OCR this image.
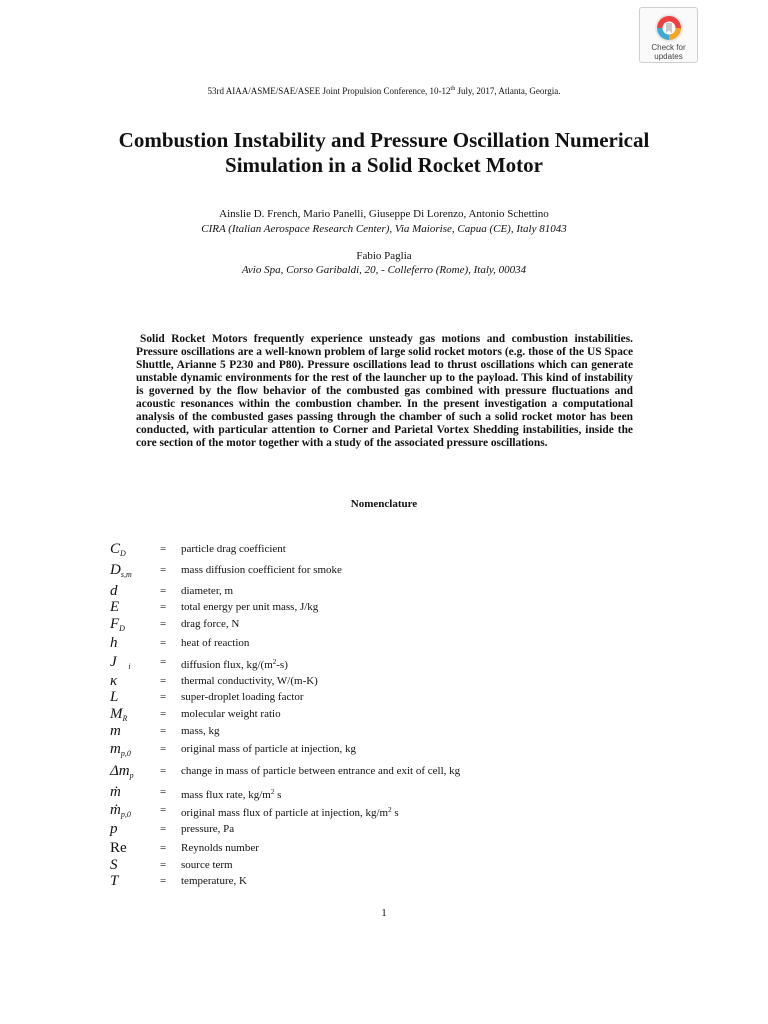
Check for
updates
53rd AIAA/ASME/SAE/ASEE Joint Propulsion Conference, 10-12th July, 2017, Atlanta, Georgia.
Combustion Instability and Pressure Oscillation Numerical
Simulation in a Solid Rocket Motor
Ainslie D. French, Mario Panelli, Giuseppe Di Lorenzo, Antonio Schettino
CIRA (Italian Aerospace Research Center), Via Maiorise, Capua (CE), Italy 81043
Fabio Paglia
Avio Spa, Corso Garibaldi, 20, - Colleferro (Rome), Italy, 00034
Solid Rocket Motors frequently experience unsteady gas motions and combustion instabilities. Pressure oscillations are a well-known problem of large solid rocket motors (e.g. those of the US Space Shuttle, Arianne 5 P230 and P80). Pressure oscillations lead to thrust oscillations which can generate unstable dynamic environments for the rest of the launcher up to the payload. This kind of instability is governed by the flow behavior of the combusted gas combined with pressure fluctuations and acoustic resonances within the combustion chamber. In the present investigation a computational analysis of the combusted gases passing through the chamber of such a solid rocket motor has been conducted, with particular attention to Corner and Parietal Vortex Shedding instabilities, inside the core section of the motor together with a study of the associated pressure oscillations.
Nomenclature
$C_D$	= particle drag coefficient
$D_{s,m}$	= mass diffusion coefficient for smoke
d	= diameter, m
E	= total energy per unit mass, J/kg
$F_D$	= drag force, N
h	= heat of reaction
$J⃗_i$	= diffusion flux, $kg/(m^2-s)$
κ	= thermal conductivity, W/(m-K)
L	= super-droplet loading factor
$M_R$	= molecular weight ratio
m	= mass, kg
$m_{p,0}$	= original mass of particle at injection, kg
$\Delta m_p$ = change in mass of particle between entrance and exit of cell, kg
ṁ	= mass flux rate, $kg/m^2$ s
ṁ$_{p,0}$	= original mass flux of particle at injection, $kg/m^2$ s
p	= pressure, Pa
Re	= Reynolds number
S	= source term
T	= temperature, K
1
